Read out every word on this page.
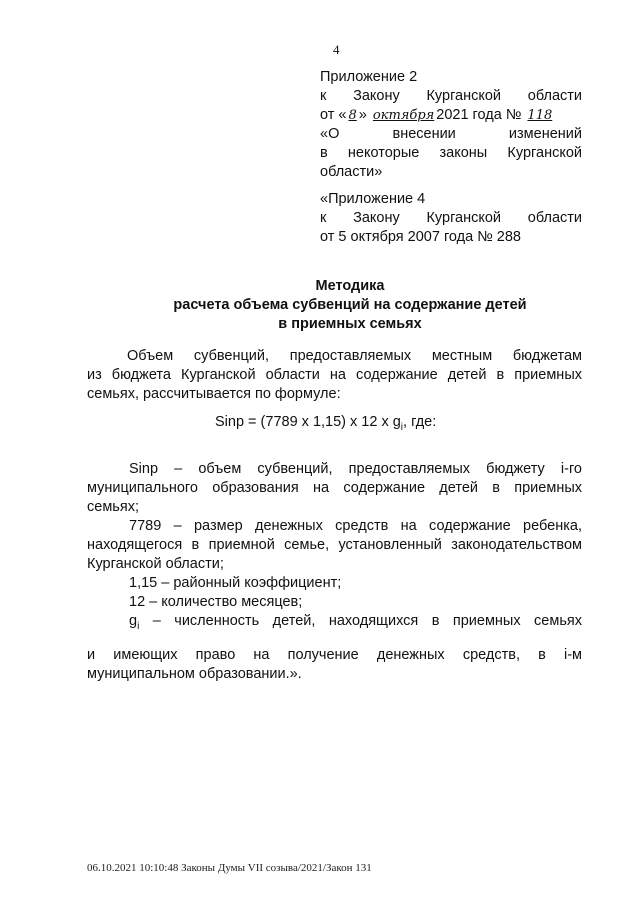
4
Приложение 2
к Закону Курганской области
от « 8 » октября 2021 года № 118
«О внесении изменений
в некоторые законы Курганской
области»
«Приложение 4
к Закону Курганской области
от 5 октября 2007 года № 288
Методика
расчета объема субвенций на содержание детей
в приемных семьях
Объем субвенций, предоставляемых местным бюджетам
из бюджета Курганской области на содержание детей в приемных
семьях, рассчитывается по формуле:
Sinp = (7789 х 1,15) х 12 х $g_i$, где:

Sinp – объем субвенций, предоставляемых бюджету i-го

муниципального образования на содержание детей в приемных

семьях;

7789 – размер денежных средств на содержание ребенка,

находящегося в приемной семье, установленный законодательством

Курганской области;

1,15 – районный коэффициент;

12 – количество месяцев;

$g_i$ – численность детей, находящихся в приемных семьях

и имеющих право на получение денежных средств, в i-м

муниципальном образовании.».

06.10.2021 10:10:48 Законы Думы VII созыва/2021/Закон 131
